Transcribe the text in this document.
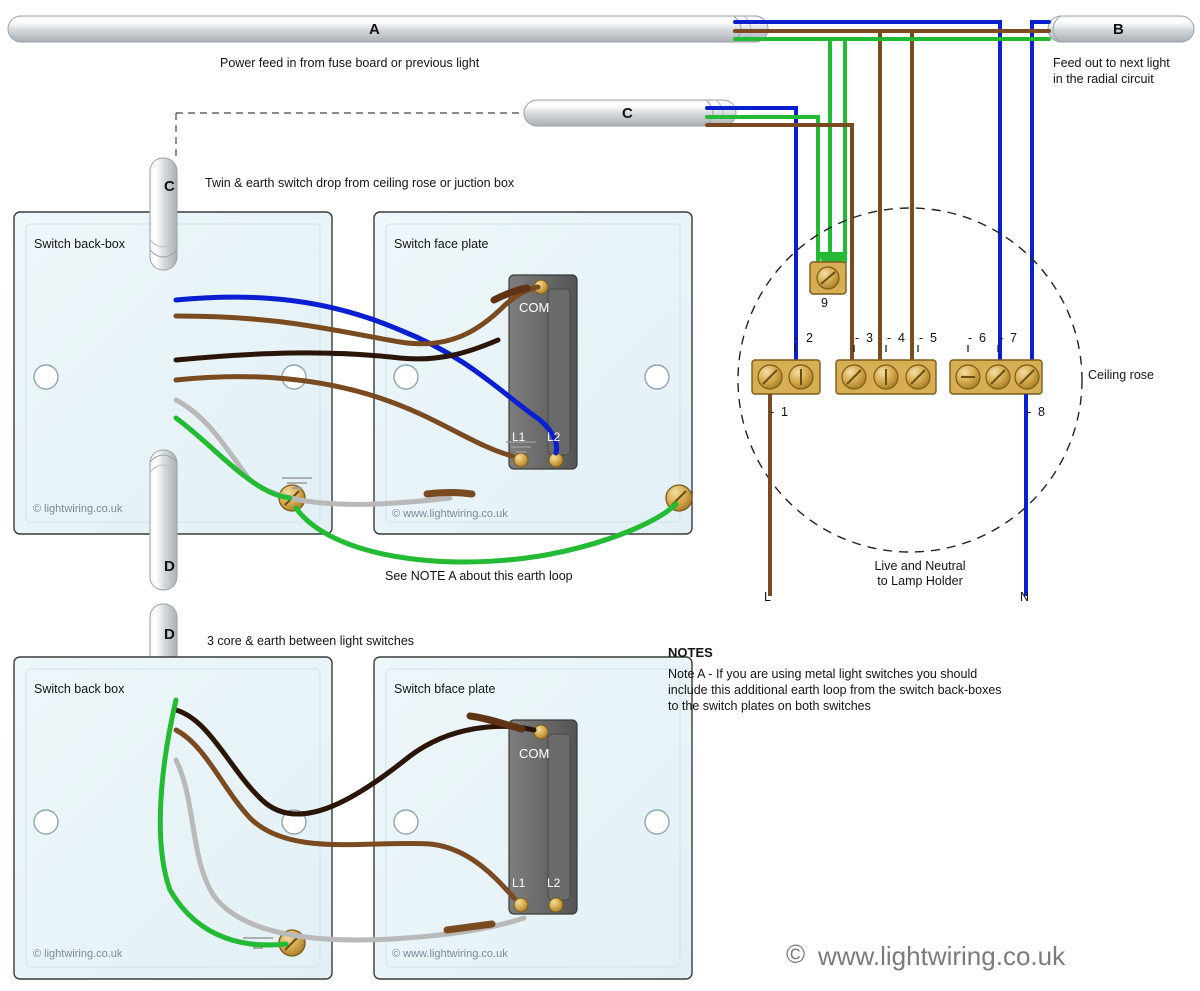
A	B
C
C
D
D
Power feed in from fuse board or previous light	Feed out to next light
in the radial circuit
Twin & earth switch drop from ceiling rose or juction box
3 core & earth between light switches
Switch back-box	Switch face plate
COM
L1 L2
© lightwiring.co.uk	© www.lightwiring.co.uk
See NOTE A about this earth loop
Switch back box	Switch bface plate
COM
L1 L2
© lightwiring.co.uk	© www.lightwiring.co.uk
Ceiling rose
9
1
2	3 4 5	6 7
8
-
-
- - -	- -
-
Live and Neutral
to Lamp Holder
L	N
NOTES
Note A - If you are using metal light switches you should
include this additional earth loop from the switch back-boxes
to the switch plates on both switches
© www.lightwiring.co.uk
